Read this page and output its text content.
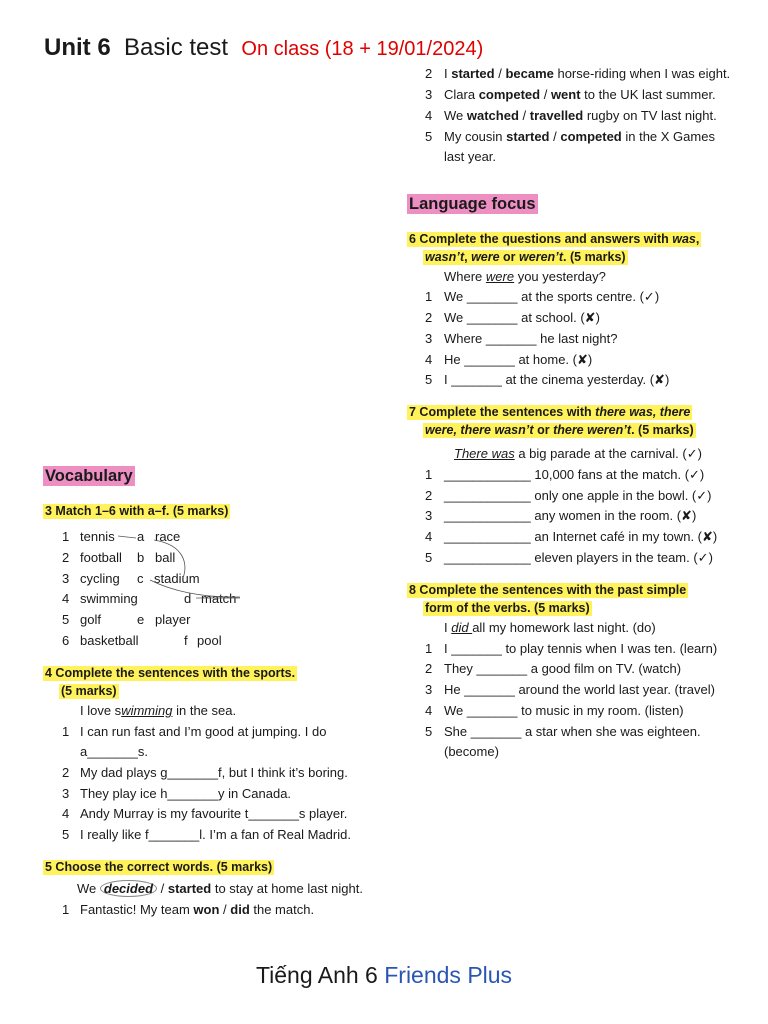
Unit 6 Basic test On class (18 + 19/01/2024)
2 I started / became horse-riding when I was eight.
3 Clara competed / went to the UK last summer.
4 We watched / travelled rugby on TV last night.
5 My cousin started / competed in the X Games
last year.
Language focus
6 Complete the questions and answers with was,
wasn’t, were or weren’t. (5 marks)
Where were you yesterday?
1 We _______ at the sports centre. (✓)
2 We _______ at school. (✘)
3 Where _______ he last night?
4 He _______ at home. (✘)
5 I _______ at the cinema yesterday. (✘)
7 Complete the sentences with there was, there
were, there wasn’t or there weren’t. (5 marks)
There was a big parade at the carnival. (✓)
1 ____________ 10,000 fans at the match. (✓)
2 ____________ only one apple in the bowl. (✓)
3 ____________ any women in the room. (✘)
4 ____________ an Internet café in my town. (✘)
5 ____________ eleven players in the team. (✓)
8 Complete the sentences with the past simple
form of the verbs. (5 marks)
I did all my homework last night. (do)
1 I _______ to play tennis when I was ten. (learn)
2 They _______ a good film on TV. (watch)
3 He _______ around the world last year. (travel)
4 We _______ to music in my room. (listen)
5 She _______ a star when she was eighteen.
(become)
Vocabulary
3 Match 1–6 with a–f. (5 marks)
1 tennis
2 football
3 cycling
4 swimming
5 golf
6 basketball
a race
b ball
c stadium
d match
e player
f pool
4 Complete the sentences with the sports.
(5 marks)
I love swimming in the sea.
1 I can run fast and I’m good at jumping. I do
a_______s.
2 My dad plays g_______f, but I think it’s boring.
3 They play ice h_______y in Canada.
4 Andy Murray is my favourite t_______s player.
5 I really like f_______l. I’m a fan of Real Madrid.
5 Choose the correct words. (5 marks)
We decided / started to stay at home last night.
1 Fantastic! My team won / did the match.
Tiếng Anh 6 Friends Plus
